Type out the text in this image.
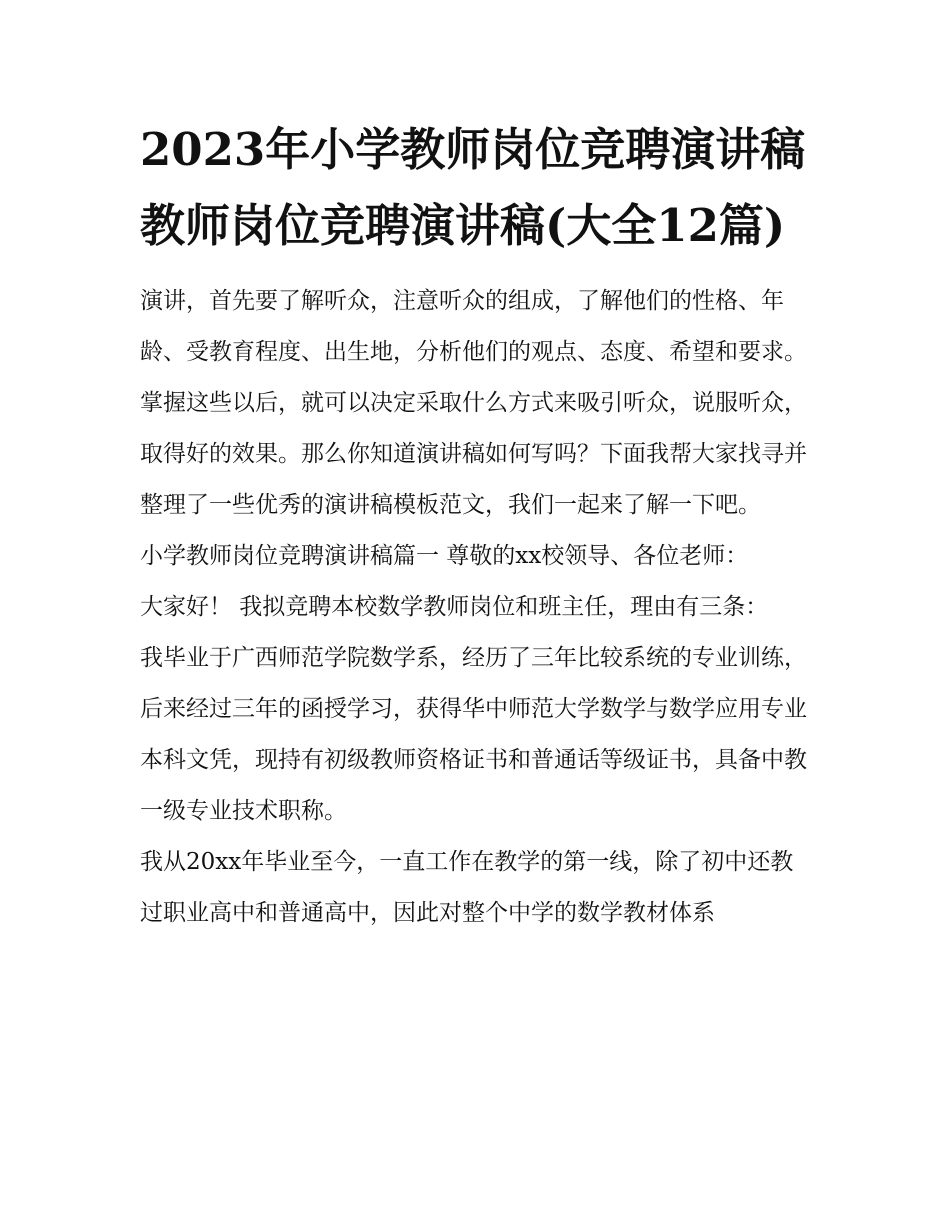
2023年小学教师岗位竞聘演讲稿 教师岗位竞聘演讲稿(大全12篇)

演讲，首先要了解听众，注意听众的组成，了解他们的性格、年龄、受教育程度、出生地，分析他们的观点、态度、希望和要求。掌握这些以后，就可以决定采取什么方式来吸引听众，说服听众，取得好的效果。那么你知道演讲稿如何写吗？下面我帮大家找寻并整理了一些优秀的演讲稿模板范文，我们一起来了解一下吧。

小学教师岗位竞聘演讲稿篇一 尊敬的xx校领导、各位老师：

大家好！ 我拟竞聘本校数学教师岗位和班主任，理由有三条：

我毕业于广西师范学院数学系，经历了三年比较系统的专业训练，后来经过三年的函授学习，获得华中师范大学数学与数学应用专业本科文凭，现持有初级教师资格证书和普通话等级证书，具备中教一级专业技术职称。

我从20xx年毕业至今，一直工作在教学的第一线，除了初中还教过职业高中和普通高中，因此对整个中学的数学教材体系
